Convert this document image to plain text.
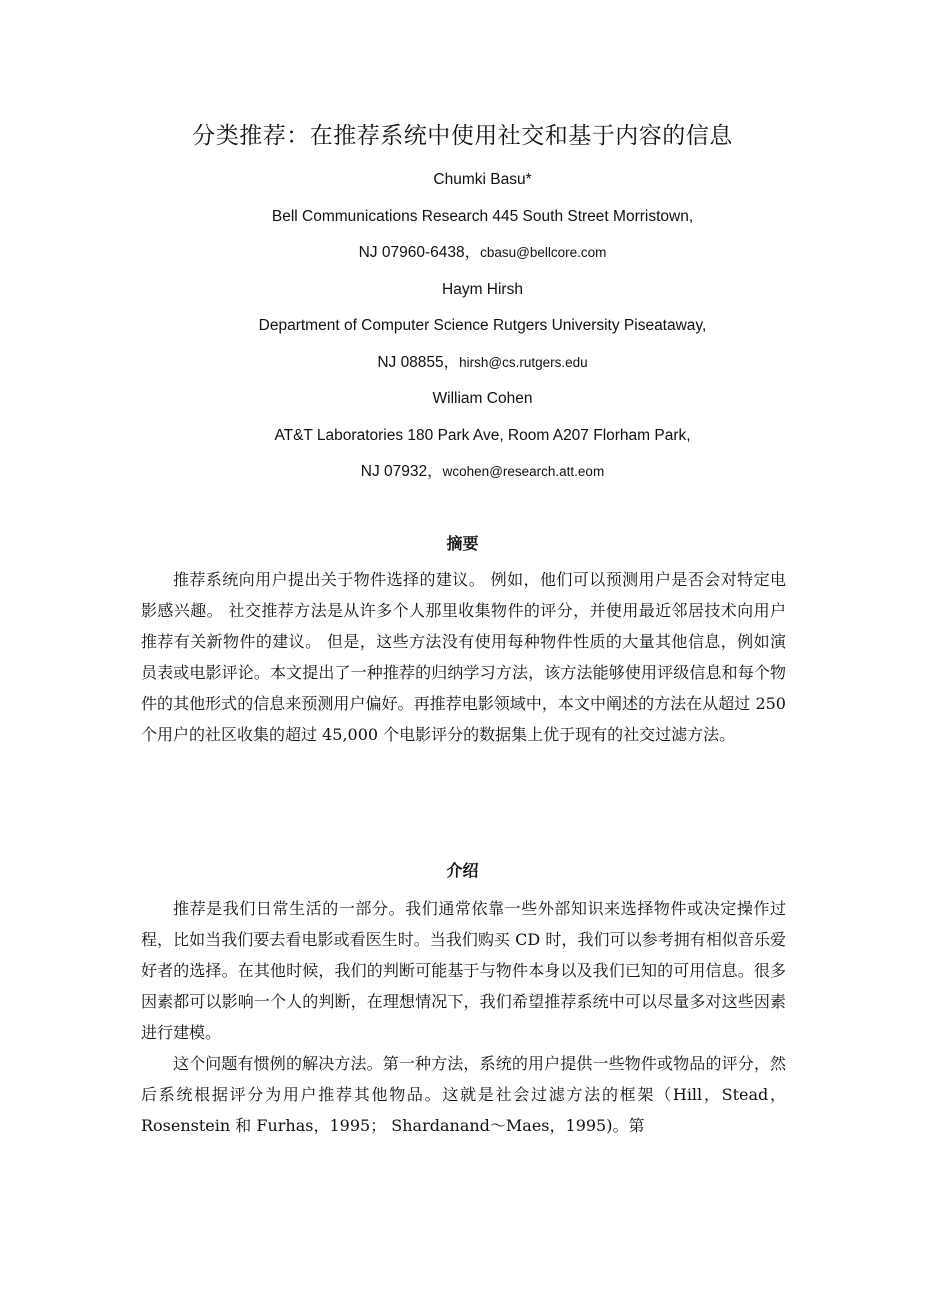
分类推荐：在推荐系统中使用社交和基于内容的信息
Chumki Basu*
Bell Communications Research 445 South Street Morristown,
NJ 07960-6438，cbasu@bellcore.com
Haym Hirsh
Department of Computer Science Rutgers University Piseataway,
NJ 08855，hirsh@cs.rutgers.edu
William Cohen
AT&T Laboratories 180 Park Ave, Room A207 Florham Park,
NJ 07932，wcohen@research.att.eom
摘要

推荐系统向用户提出关于物件选择的建议。 例如，他们可以预测用户是否会对特定电影感兴趣。 社交推荐方法是从许多个人那里收集物件的评分，并使用最近邻居技术向用户推荐有关新物件的建议。 但是，这些方法没有使用每种物件性质的大量其他信息，例如演员表或电影评论。本文提出了一种推荐的归纳学习方法，该方法能够使用评级信息和每个物件的其他形式的信息来预测用户偏好。再推荐电影领域中，本文中阐述的方法在从超过 250 个用户的社区收集的超过 45,000 个电影评分的数据集上优于现有的社交过滤方法。

介绍

推荐是我们日常生活的一部分。我们通常依靠一些外部知识来选择物件或决定操作过程，比如当我们要去看电影或看医生时。当我们购买 CD 时，我们可以参考拥有相似音乐爱好者的选择。在其他时候，我们的判断可能基于与物件本身以及我们已知的可用信息。很多因素都可以影响一个人的判断，在理想情况下，我们希望推荐系统中可以尽量多对这些因素进行建模。

这个问题有惯例的解决方法。第一种方法，系统的用户提供一些物件或物品的评分，然后系统根据评分为用户推荐其他物品。这就是社会过滤方法的框架（Hill，Stead，Rosenstein 和 Furhas，1995； Shardanand～Maes，1995)。第
